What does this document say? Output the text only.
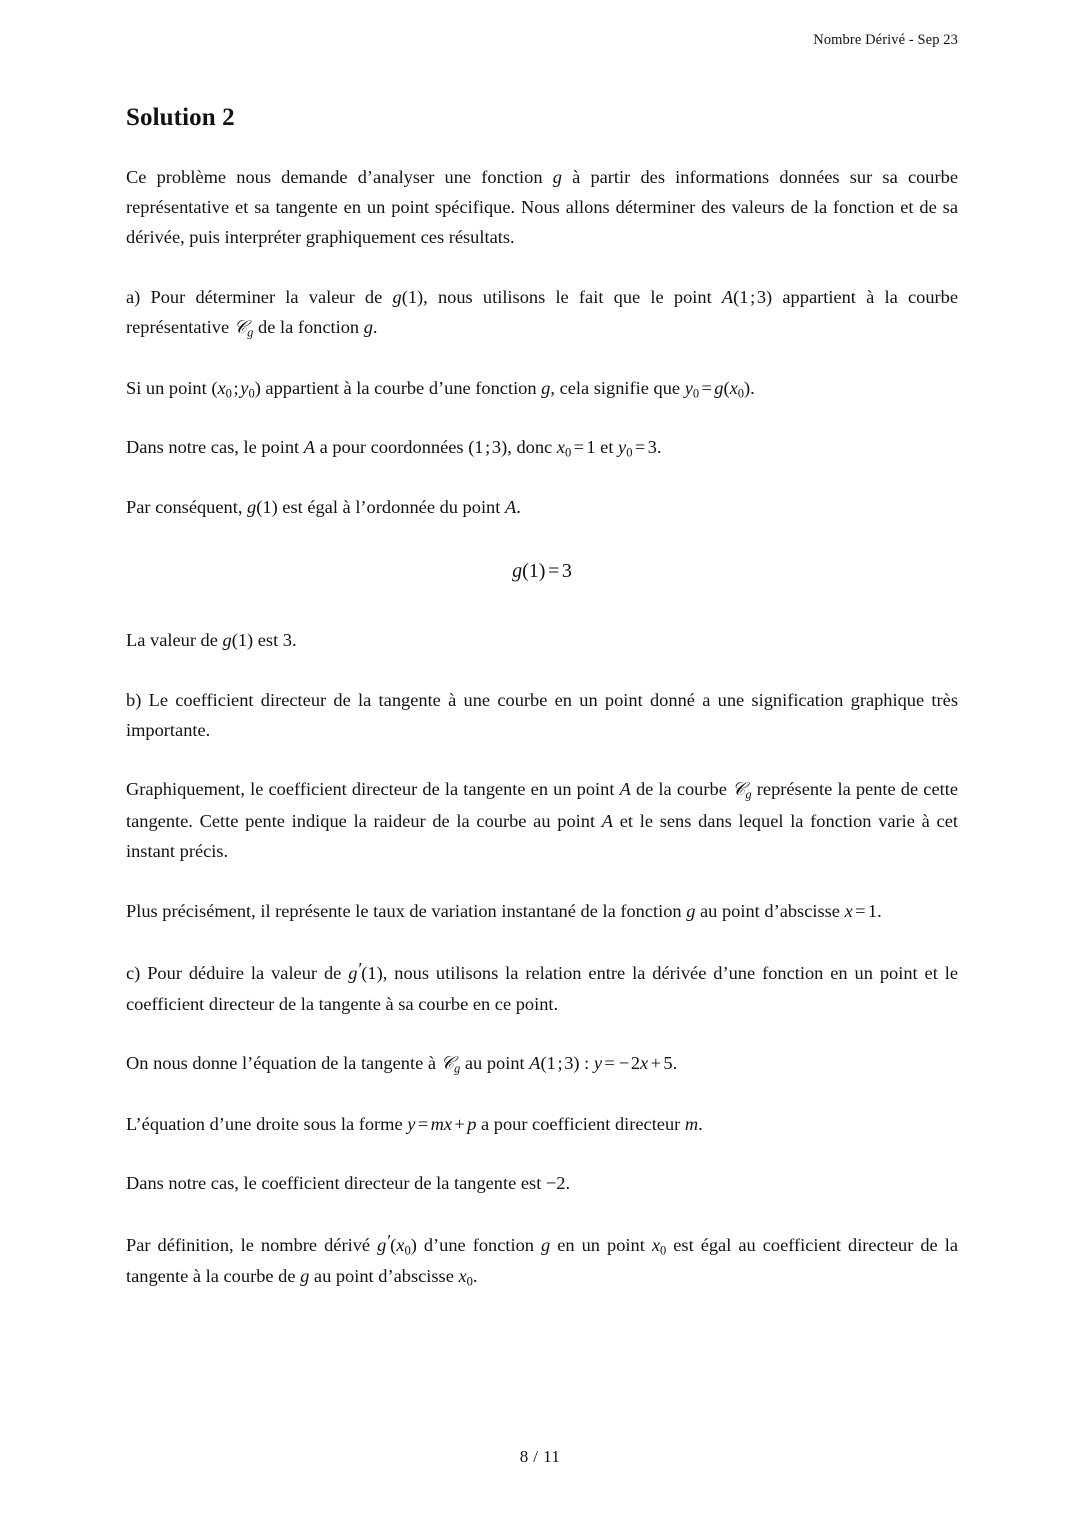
Nombre Dérivé - Sep 23
Solution 2

Ce problème nous demande d’analyser une fonction g à partir des informations données sur sa courbe représentative et sa tangente en un point spécifique. Nous allons déterminer des valeurs de la fonction et de sa dérivée, puis interpréter graphiquement ces résultats.

a) Pour déterminer la valeur de g(1), nous utilisons le fait que le point A(1;3) appartient à la courbe représentative 𝒞$_g$ de la fonction g.

Si un point $(x_0;y_0)$ appartient à la courbe d’une fonction g, cela signifie que $y_0 = g(x_0)$.

Dans notre cas, le point A a pour coordonnées (1;3), donc $x_0 = 1$ et $y_0 = 3$.

Par conséquent, g(1) est égal à l’ordonnée du point A.

g(1) = 3

La valeur de g(1) est 3.

b) Le coefficient directeur de la tangente à une courbe en un point donné a une signification graphique très importante.

Graphiquement, le coefficient directeur de la tangente en un point A de la courbe 𝒞$_g$ représente la pente de cette tangente. Cette pente indique la raideur de la courbe au point A et le sens dans lequel la fonction varie à cet instant précis.

Plus précisément, il représente le taux de variation instantané de la fonction g au point d’abscisse x = 1.

c) Pour déduire la valeur de g′(1), nous utilisons la relation entre la dérivée d’une fonction en un point et le coefficient directeur de la tangente à sa courbe en ce point.

On nous donne l’équation de la tangente à 𝒞$_g$ au point A(1;3) : y = −2x + 5.

L’équation d’une droite sous la forme y = mx + p a pour coefficient directeur m.

Dans notre cas, le coefficient directeur de la tangente est −2.

Par définition, le nombre dérivé $g'(x_0)$ d’une fonction g en un point $x_0$ est égal au coefficient directeur de la tangente à la courbe de g au point d’abscisse $x_0$.

8 / 11
